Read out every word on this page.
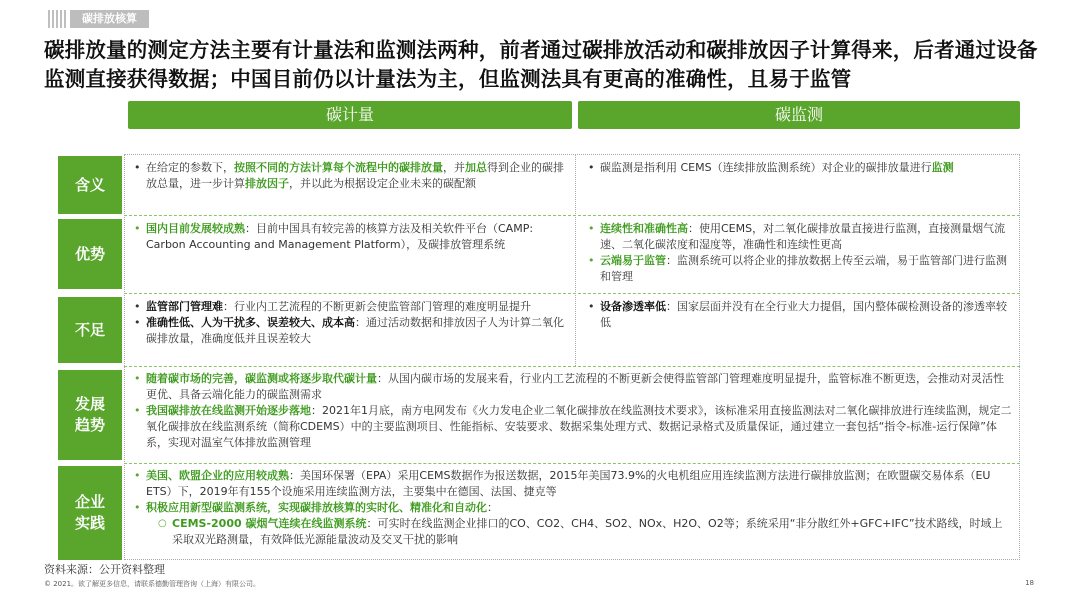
碳排放核算
碳排放量的测定方法主要有计量法和监测法两种，前者通过碳排放活动和碳排放因子计算得来，后者通过设备监测直接获得数据；中国目前仍以计量法为主，但监测法具有更高的准确性，且易于监管
碳计量	碳监测
含义
优势
不足
发展
趋势
企业
实践
• 在给定的参数下，按照不同的方法计算每个流程中的碳排放量，并加总得到企业的碳排放总量，进一步计算排放因子，并以此为根据设定企业未来的碳配额
• 碳监测是指利用 CEMS（连续排放监测系统）对企业的碳排放量进行监测
• 国内目前发展较成熟：目前中国具有较完善的核算方法及相关软件平台（CAMP: Carbon Accounting and Management Platform），及碳排放管理系统
• 连续性和准确性高：使用CEMS，对二氧化碳排放量直接进行监测，直接测量烟气流速、二氧化碳浓度和湿度等，准确性和连续性更高
• 云端易于监管：监测系统可以将企业的排放数据上传至云端，易于监管部门进行监测和管理
• 监管部门管理难：行业内工艺流程的不断更新会使监管部门管理的难度明显提升
• 准确性低、人为干扰多、误差较大、成本高：通过活动数据和排放因子人为计算二氧化碳排放量，准确度低并且误差较大
• 设备渗透率低：国家层面并没有在全行业大力提倡，国内整体碳检测设备的渗透率较低
• 随着碳市场的完善，碳监测或将逐步取代碳计量：从国内碳市场的发展来看，行业内工艺流程的不断更新会使得监管部门管理难度明显提升，监管标准不断更迭，会推动对灵活性更优、具备云端化能力的碳监测需求
• 我国碳排放在线监测开始逐步落地：2021年1月底，南方电网发布《火力发电企业二氧化碳排放在线监测技术要求》，该标准采用直接监测法对二氧化碳排放进行连续监测，规定二氧化碳排放在线监测系统（简称CDEMS）中的主要监测项目、性能指标、安装要求、数据采集处理方式、数据记录格式及质量保证，通过建立一套包括“指令-标准-运行保障”体系，实现对温室气体排放监测管理
• 美国、欧盟企业的应用较成熟：美国环保署（EPA）采用CEMS数据作为报送数据，2015年美国73.9%的火电机组应用连续监测方法进行碳排放监测；在欧盟碳交易体系（EU ETS）下，2019年有155个设施采用连续监测方法，主要集中在德国、法国、捷克等
• 积极应用新型碳监测系统，实现碳排放核算的实时化、精准化和自动化：
○ CEMS-2000 碳烟气连续在线监测系统：可实时在线监测企业排口的CO、CO2、CH4、SO2、NOx、H2O、O2等；系统采用“非分散红外+GFC+IFC”技术路线，时域上采取双光路测量，有效降低光源能量波动及交叉干扰的影响
资料来源：公开资料整理
© 2021。欲了解更多信息，请联系德勤管理咨询（上海）有限公司。	18
